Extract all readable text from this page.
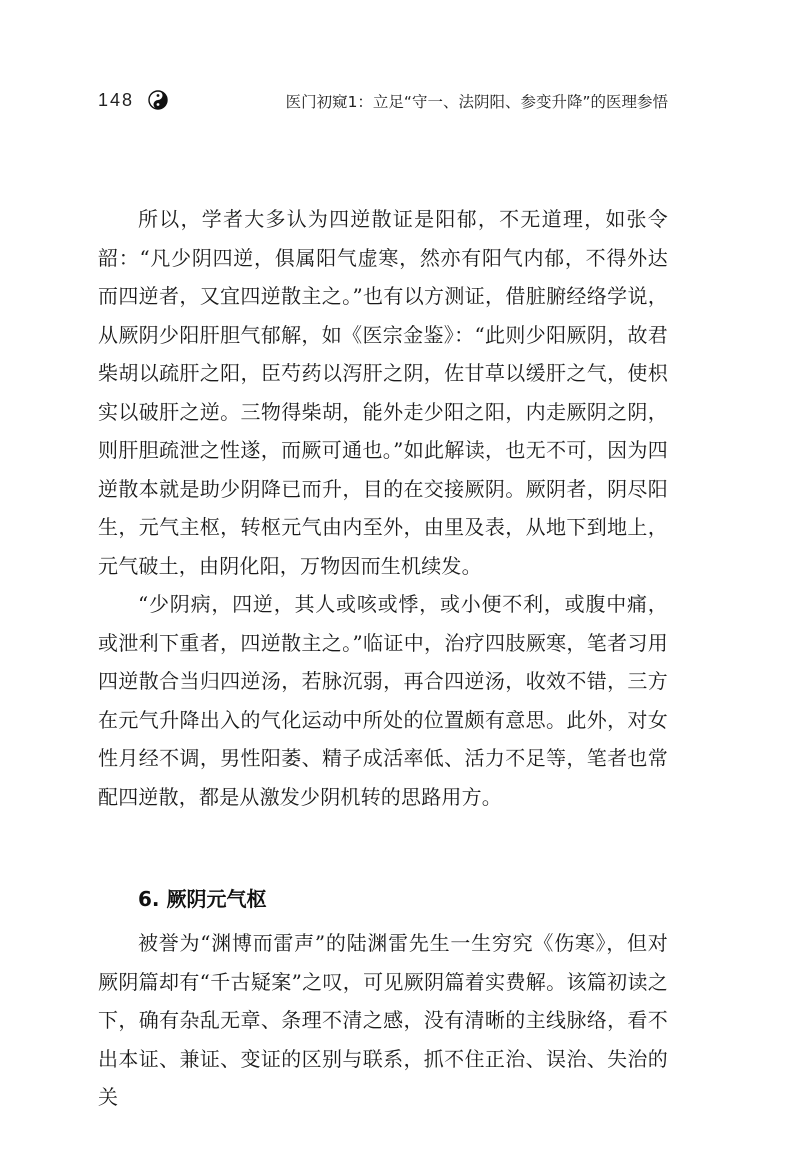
148	医门初窥1：立足“守一、法阴阳、参变升降”的医理参悟

所以，学者大多认为四逆散证是阳郁，不无道理，如张令韶：“凡少阴四逆，俱属阳气虚寒，然亦有阳气内郁，不得外达而四逆者，又宜四逆散主之。”也有以方测证，借脏腑经络学说，从厥阴少阳肝胆气郁解，如《医宗金鉴》：“此则少阳厥阴，故君柴胡以疏肝之阳，臣芍药以泻肝之阴，佐甘草以缓肝之气，使枳实以破肝之逆。三物得柴胡，能外走少阳之阳，内走厥阴之阴，则肝胆疏泄之性遂，而厥可通也。”如此解读，也无不可，因为四逆散本就是助少阴降已而升，目的在交接厥阴。厥阴者，阴尽阳生，元气主枢，转枢元气由内至外，由里及表，从地下到地上，元气破土，由阴化阳，万物因而生机续发。

“少阴病，四逆，其人或咳或悸，或小便不利，或腹中痛，或泄利下重者，四逆散主之。”临证中，治疗四肢厥寒，笔者习用四逆散合当归四逆汤，若脉沉弱，再合四逆汤，收效不错，三方在元气升降出入的气化运动中所处的位置颇有意思。此外，对女性月经不调，男性阳萎、精子成活率低、活力不足等，笔者也常配四逆散，都是从激发少阴机转的思路用方。

6. 厥阴元气枢

被誉为“渊博而雷声”的陆渊雷先生一生穷究《伤寒》，但对厥阴篇却有“千古疑案”之叹，可见厥阴篇着实费解。该篇初读之下，确有杂乱无章、条理不清之感，没有清晰的主线脉络，看不出本证、兼证、变证的区别与联系，抓不住正治、误治、失治的关
